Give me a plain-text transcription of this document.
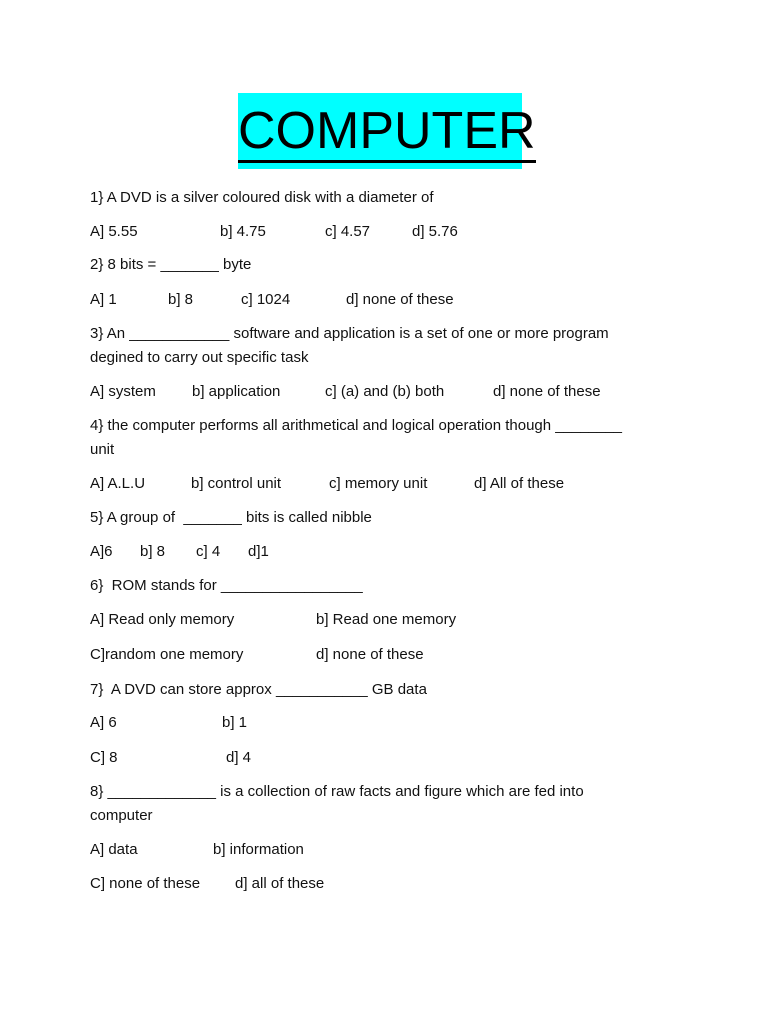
COMPUTER
1} A DVD is a silver coloured disk with a diameter of
A] 5.55	b] 4.75	c] 4.57	d] 5.76
2} 8 bits = _______ byte
A] 1	b] 8	c] 1024	d] none of these
3} An ____________ software and application is a set of one or more program
degined to carry out specific task
A] system b] application	c] (a) and (b) both	d] none of these
4} the computer performs all arithmetical and logical operation though ________
unit
A] A.L.U	b] control unit	c] memory unit	d] All of these
5} A group of  _______ bits is called nibble
A]6 b] 8 c] 4 d]1
6}  ROM stands for _________________
A] Read only memory	b] Read one memory
C]random one memory	d] none of these
7}  A DVD can store approx ___________ GB data
A] 6	b] 1
C] 8	d] 4
8} _____________ is a collection of raw facts and figure which are fed into
computer
A] data	b] information
C] none of these d] all of these
